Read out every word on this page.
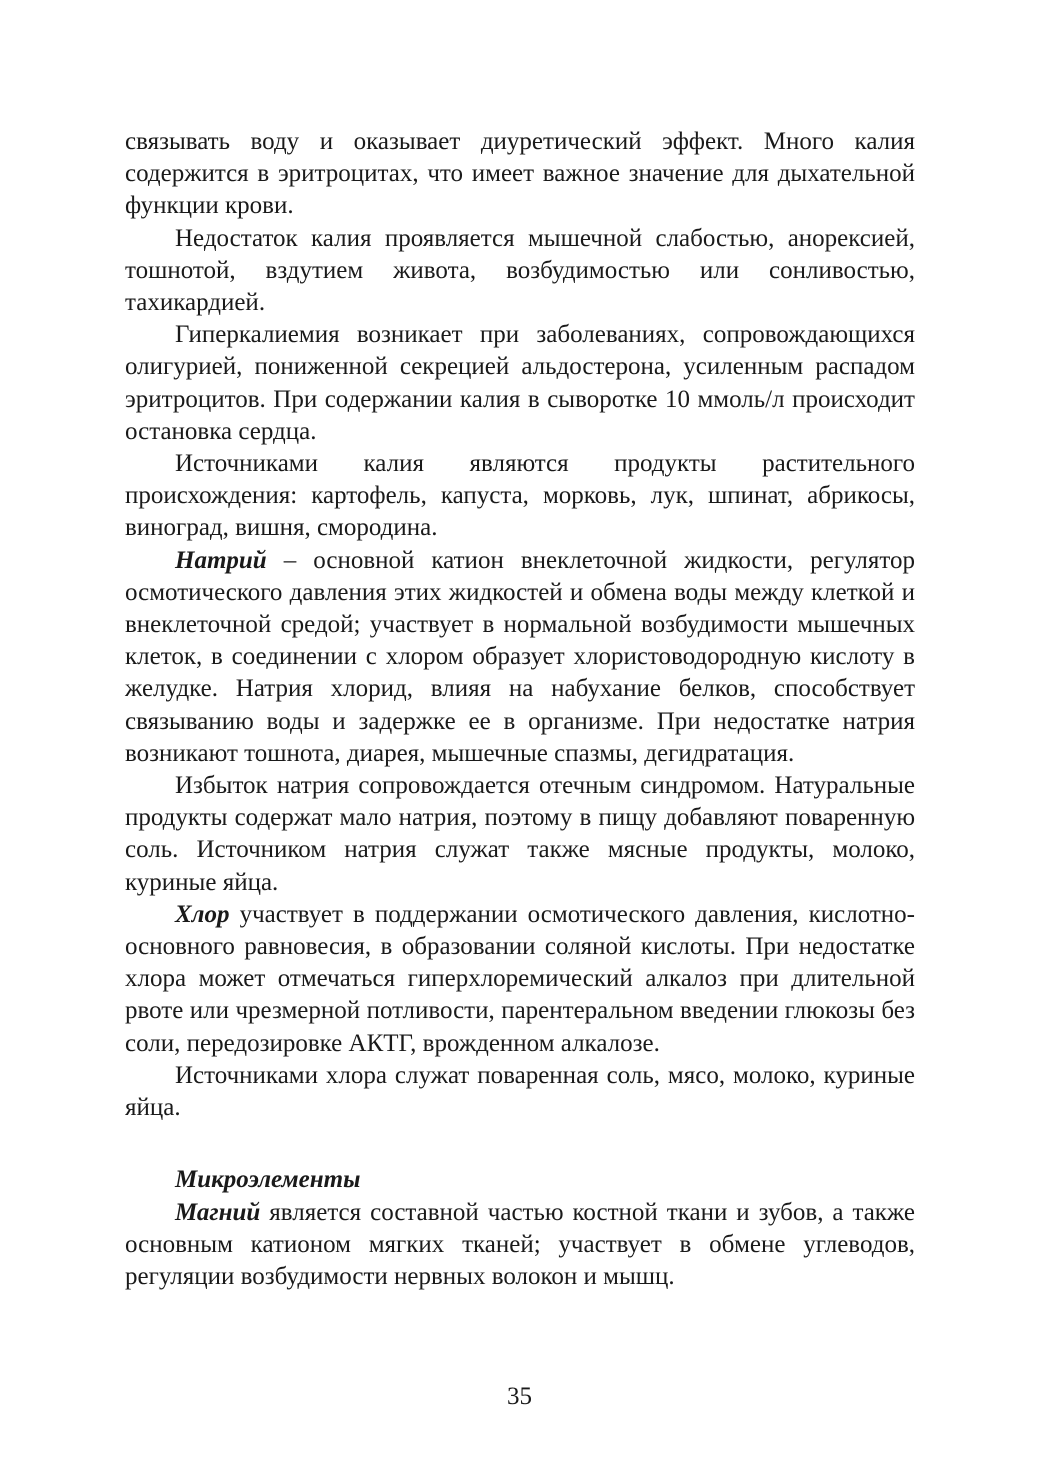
связывать воду и оказывает диуретический эффект. Много калия содержится в эритроцитах, что имеет важное значение для дыхательной функции крови.

Недостаток калия проявляется мышечной слабостью, анорексией, тошнотой, вздутием живота, возбудимостью или сонливостью, тахикардией.

Гиперкалиемия возникает при заболеваниях, сопровождающихся олигурией, пониженной секрецией альдостерона, усиленным распадом эритроцитов. При содержании калия в сыворотке 10 ммоль/л происходит остановка сердца.

Источниками калия являются продукты растительного происхождения: картофель, капуста, морковь, лук, шпинат, абрикосы, виноград, вишня, смородина.

Натрий – основной катион внеклеточной жидкости, регулятор осмотического давления этих жидкостей и обмена воды между клеткой и внеклеточной средой; участвует в нормальной возбудимости мышечных клеток, в соединении с хлором образует хлористоводородную кислоту в желудке. Натрия хлорид, влияя на набухание белков, способствует связыванию воды и задержке ее в организме. При недостатке натрия возникают тошнота, диарея, мышечные спазмы, дегидратация.

Избыток натрия сопровождается отечным синдромом. Натуральные продукты содержат мало натрия, поэтому в пищу добавляют поваренную соль. Источником натрия служат также мясные продукты, молоко, куриные яйца.

Хлор участвует в поддержании осмотического давления, кислотно-основного равновесия, в образовании соляной кислоты. При недостатке хлора может отмечаться гиперхлоремический алкалоз при длительной рвоте или чрезмерной потливости, парентеральном введении глюкозы без соли, передозировке АКТГ, врожденном алкалозе.

Источниками хлора служат поваренная соль, мясо, молоко, куриные яйца.

Микроэлементы

Магний является составной частью костной ткани и зубов, а также основным катионом мягких тканей; участвует в обмене углеводов, регуляции возбудимости нервных волокон и мышц.

35
